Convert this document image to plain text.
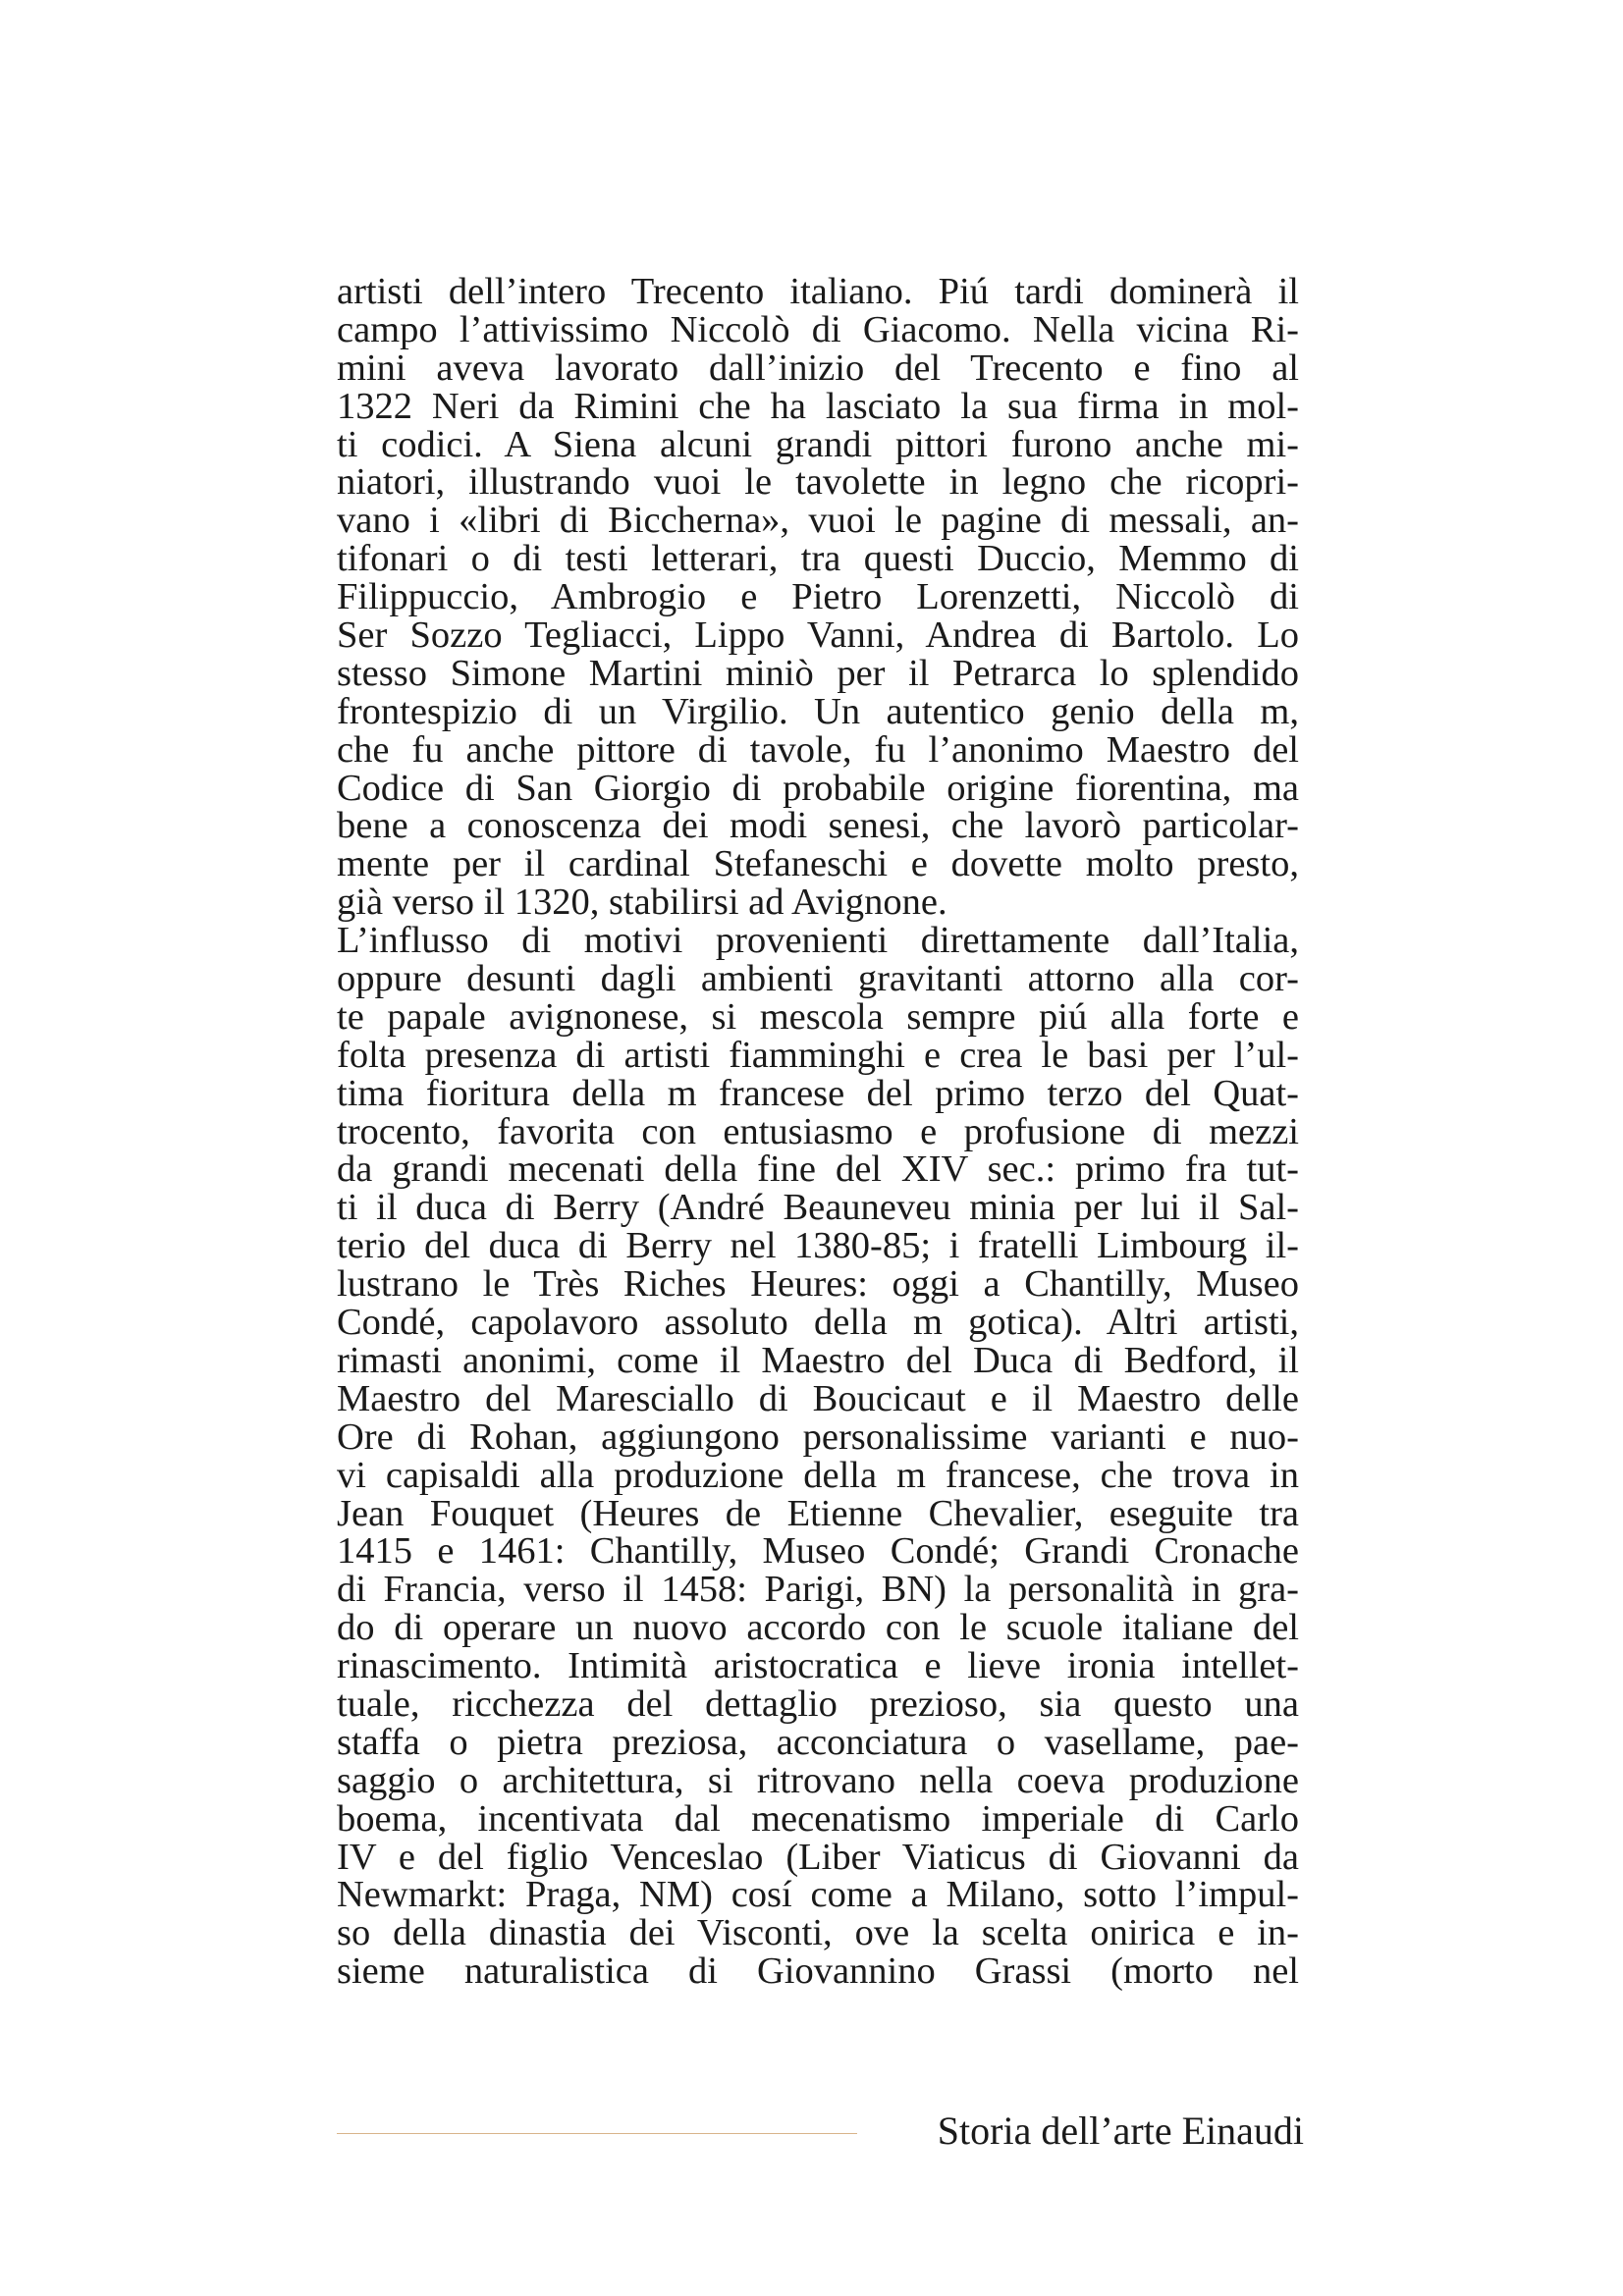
artisti dell’intero Trecento italiano. Piú tardi dominerà il
campo l’attivissimo Niccolò di Giacomo. Nella vicina Ri-
mini aveva lavorato dall’inizio del Trecento e fino al
1322 Neri da Rimini che ha lasciato la sua firma in mol-
ti codici. A Siena alcuni grandi pittori furono anche mi-
niatori, illustrando vuoi le tavolette in legno che ricopri-
vano i «libri di Biccherna», vuoi le pagine di messali, an-
tifonari o di testi letterari, tra questi Duccio, Memmo di
Filippuccio, Ambrogio e Pietro Lorenzetti, Niccolò di
Ser Sozzo Tegliacci, Lippo Vanni, Andrea di Bartolo. Lo
stesso Simone Martini miniò per il Petrarca lo splendido
frontespizio di un Virgilio. Un autentico genio della m,
che fu anche pittore di tavole, fu l’anonimo Maestro del
Codice di San Giorgio di probabile origine fiorentina, ma
bene a conoscenza dei modi senesi, che lavorò particolar-
mente per il cardinal Stefaneschi e dovette molto presto,
già verso il 1320, stabilirsi ad Avignone.
L’influsso di motivi provenienti direttamente dall’Italia,
oppure desunti dagli ambienti gravitanti attorno alla cor-
te papale avignonese, si mescola sempre piú alla forte e
folta presenza di artisti fiamminghi e crea le basi per l’ul-
tima fioritura della m francese del primo terzo del Quat-
trocento, favorita con entusiasmo e profusione di mezzi
da grandi mecenati della fine del XIV sec.: primo fra tut-
ti il duca di Berry (André Beauneveu minia per lui il Sal-
terio del duca di Berry nel 1380-85; i fratelli Limbourg il-
lustrano le Très Riches Heures: oggi a Chantilly, Museo
Condé, capolavoro assoluto della m gotica). Altri artisti,
rimasti anonimi, come il Maestro del Duca di Bedford, il
Maestro del Maresciallo di Boucicaut e il Maestro delle
Ore di Rohan, aggiungono personalissime varianti e nuo-
vi capisaldi alla produzione della m francese, che trova in
Jean Fouquet (Heures de Etienne Chevalier, eseguite tra
1415 e 1461: Chantilly, Museo Condé; Grandi Cronache
di Francia, verso il 1458: Parigi, BN) la personalità in gra-
do di operare un nuovo accordo con le scuole italiane del
rinascimento. Intimità aristocratica e lieve ironia intellet-
tuale, ricchezza del dettaglio prezioso, sia questo una
staffa o pietra preziosa, acconciatura o vasellame, pae-
saggio o architettura, si ritrovano nella coeva produzione
boema, incentivata dal mecenatismo imperiale di Carlo
IV e del figlio Venceslao (Liber Viaticus di Giovanni da
Newmarkt: Praga, NM) cosí come a Milano, sotto l’impul-
so della dinastia dei Visconti, ove la scelta onirica e in-
sieme naturalistica di Giovannino Grassi (morto nel
Storia dell’arte Einaudi
